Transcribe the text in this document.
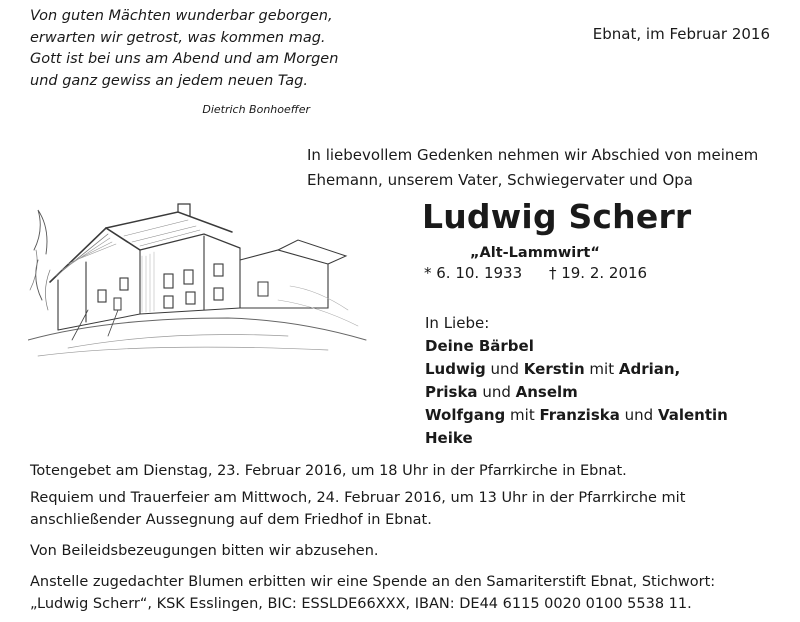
Von guten Mächten wunderbar geborgen,
erwarten wir getrost, was kommen mag.
Gott ist bei uns am Abend und am Morgen
und ganz gewiss an jedem neuen Tag.
Dietrich Bonhoeffer
Ebnat, im Februar 2016
In liebevollem Gedenken nehmen wir Abschied von meinem
Ehemann, unserem Vater, Schwiegervater und Opa
Ludwig Scherr
„Alt-Lammwirt“
* 6. 10. 1933 † 19. 2. 2016
In Liebe:
Deine Bärbel
Ludwig und Kerstin mit Adrian,
Priska und Anselm
Wolfgang mit Franziska und Valentin
Heike
Totengebet am Dienstag, 23. Februar 2016, um 18 Uhr in der Pfarrkirche in Ebnat.
Requiem und Trauerfeier am Mittwoch, 24. Februar 2016, um 13 Uhr in der Pfarrkirche mit
anschließender Aussegnung auf dem Friedhof in Ebnat.
Von Beileidsbezeugungen bitten wir abzusehen.
Anstelle zugedachter Blumen erbitten wir eine Spende an den Samariterstift Ebnat, Stichwort:
„Ludwig Scherr“, KSK Esslingen, BIC: ESSLDE66XXX, IBAN: DE44 6115 0020 0100 5538 11.
